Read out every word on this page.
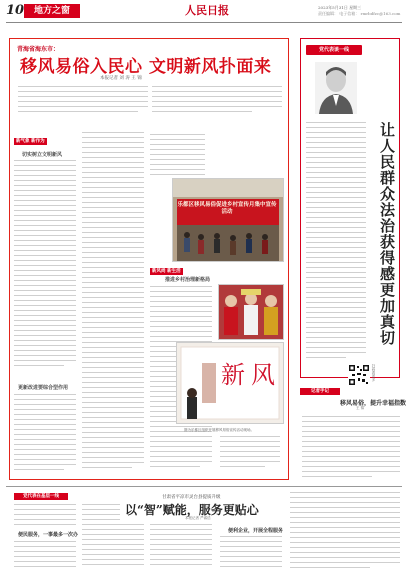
10	地方之窗	人民日报	2023年5月31日 星期三
责任编辑： 电子信箱： rmrbdfzc@163.com
青海省海东市：
移风易俗入民心 文明新风扑面来
本报记者 刘 涛 王 锦
新气象 新作为
切实树立文明新风
更新改进要综合型作用
乐都区移风易俗促进乡村宣传月集中宣传活动
新风尚 新生活
推进乡村治理新格局
新 风
图为乐都区组织开展移风易俗宣传活动现场。
党代表谈一线
让人民群众法治获得感更加真切
扫码看更多
记者手记
移风易俗，提升幸福指数
王 锦
党代表在基层一线	甘肃省平凉市灵台县提质升级
以“智”赋能，服务更贴心
本报记者 严睿语
便民服务，一事最多一次办
便利企业，开展全程服务
